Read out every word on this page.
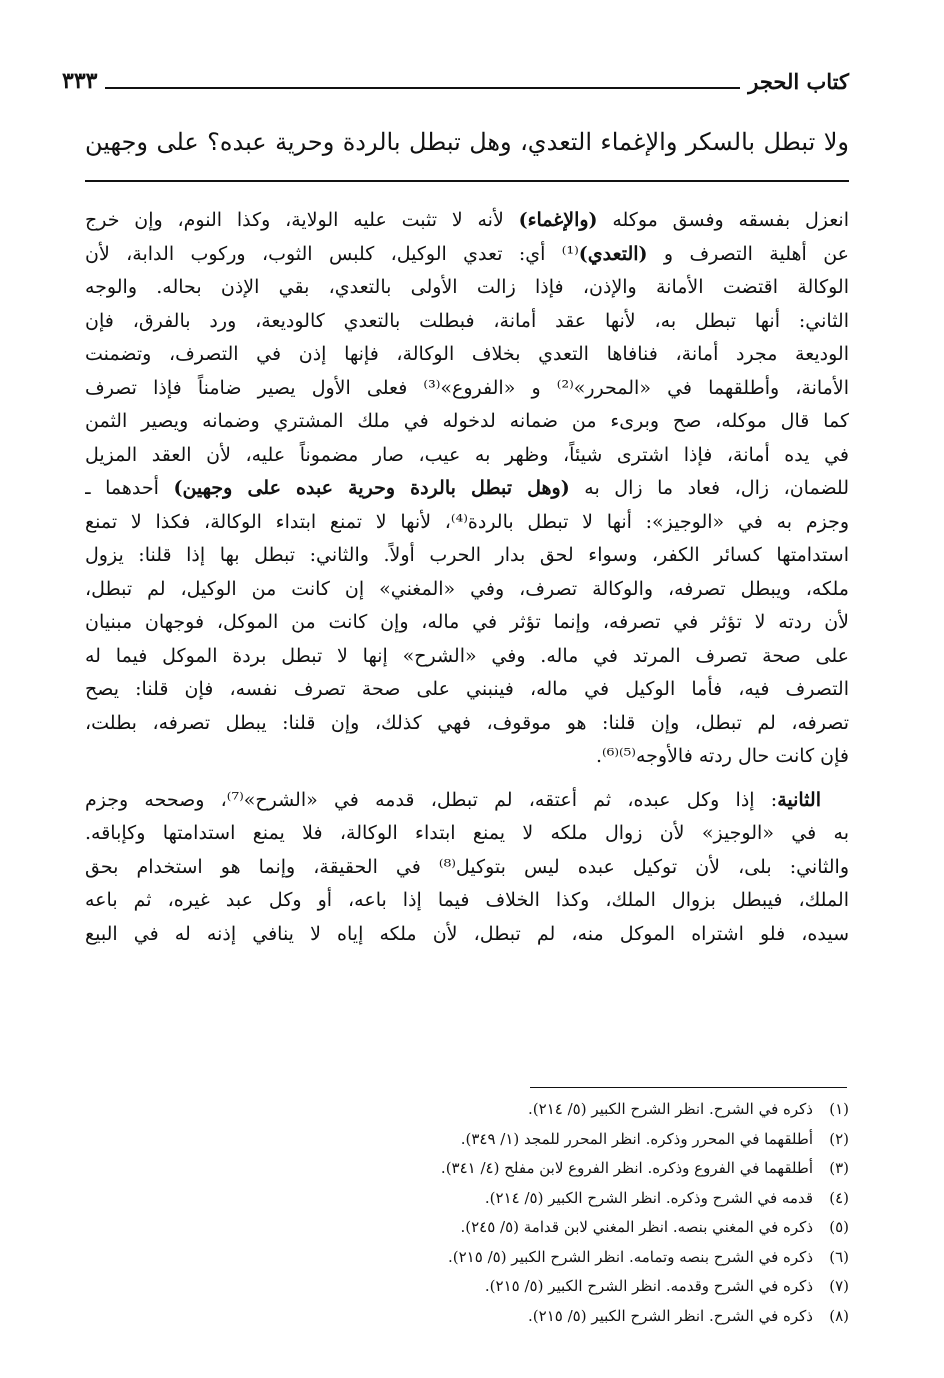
كتاب الحجر
٣٣٣
ولا تبطل بالسكر والإغماء التعدي، وهل تبطل بالردة وحرية عبده؟ على وجهين
انعزل بفسقه وفسق موكله (والإغماء) لأنه لا تثبت عليه الولاية، وكذا النوم، وإن خرج
عن أهلية التصرف و (التعدي)⁽¹⁾ أي: تعدي الوكيل، كلبس الثوب، وركوب الدابة، لأن
الوكالة اقتضت الأمانة والإذن، فإذا زالت الأولى بالتعدي، بقي الإذن بحاله. والوجه
الثاني: أنها تبطل به، لأنها عقد أمانة، فبطلت بالتعدي كالوديعة، ورد بالفرق، فإن
الوديعة مجرد أمانة، فنافاها التعدي بخلاف الوكالة، فإنها إذن في التصرف، وتضمنت
الأمانة، وأطلقهما في «المحرر»⁽²⁾ و «الفروع»⁽³⁾ فعلى الأول يصير ضامناً فإذا تصرف
كما قال موكله، صح وبرىء من ضمانه لدخوله في ملك المشتري وضمانه ويصير الثمن
في يده أمانة، فإذا اشترى شيئاً، وظهر به عيب، صار مضموناً عليه، لأن العقد المزيل
للضمان، زال، فعاد ما زال به (وهل تبطل بالردة وحرية عبده على وجهين) أحدهما ـ
وجزم به في «الوجيز»: أنها لا تبطل بالردة⁽⁴⁾، لأنها لا تمنع ابتداء الوكالة، فكذا لا تمنع
استدامتها كسائر الكفر، وسواء لحق بدار الحرب أولاً. والثاني: تبطل بها إذا قلنا: يزول
ملكه، ويبطل تصرفه، والوكالة تصرف، وفي «المغني» إن كانت من الوكيل، لم تبطل،
لأن ردته لا تؤثر في تصرفه، وإنما تؤثر في ماله، وإن كانت من الموكل، فوجهان مبنيان
على صحة تصرف المرتد في ماله. وفي «الشرح» إنها لا تبطل بردة الموكل فيما له
التصرف فيه، فأما الوكيل في ماله، فينبني على صحة تصرف نفسه، فإن قلنا: يصح
تصرفه، لم تبطل، وإن قلنا: هو موقوف، فهي كذلك، وإن قلنا: يبطل تصرفه، بطلت،
فإن كانت حال ردته فالأوجه⁽⁵⁾⁽⁶⁾.
الثانية: إذا وكل عبده، ثم أعتقه، لم تبطل، قدمه في «الشرح»⁽⁷⁾، وصححه وجزم
به في «الوجيز» لأن زوال ملكه لا يمنع ابتداء الوكالة، فلا يمنع استدامتها وكإباقه.
والثاني: بلى، لأن توكيل عبده ليس بتوكيل⁽⁸⁾ في الحقيقة، وإنما هو استخدام بحق
الملك، فيبطل بزوال الملك، وكذا الخلاف فيما إذا باعه، أو وكل عبد غيره، ثم باعه
سيده، فلو اشتراه الموكل منه، لم تبطل، لأن ملكه إياه لا ينافي إذنه له في البيع
(١)
ذكره في الشرح. انظر الشرح الكبير (٥/ ٢١٤).
(٢)
أطلقهما في المحرر وذكره. انظر المحرر للمجد (١/ ٣٤٩).
(٣)
أطلقهما في الفروع وذكره. انظر الفروع لابن مفلح (٤/ ٣٤١).
(٤)
قدمه في الشرح وذكره. انظر الشرح الكبير (٥/ ٢١٤).
(٥)
ذكره في المغني بنصه. انظر المغني لابن قدامة (٥/ ٢٤٥).
(٦)
ذكره في الشرح بنصه وتمامه. انظر الشرح الكبير (٥/ ٢١٥).
(٧)
ذكره في الشرح وقدمه. انظر الشرح الكبير (٥/ ٢١٥).
(٨)
ذكره في الشرح. انظر الشرح الكبير (٥/ ٢١٥).
